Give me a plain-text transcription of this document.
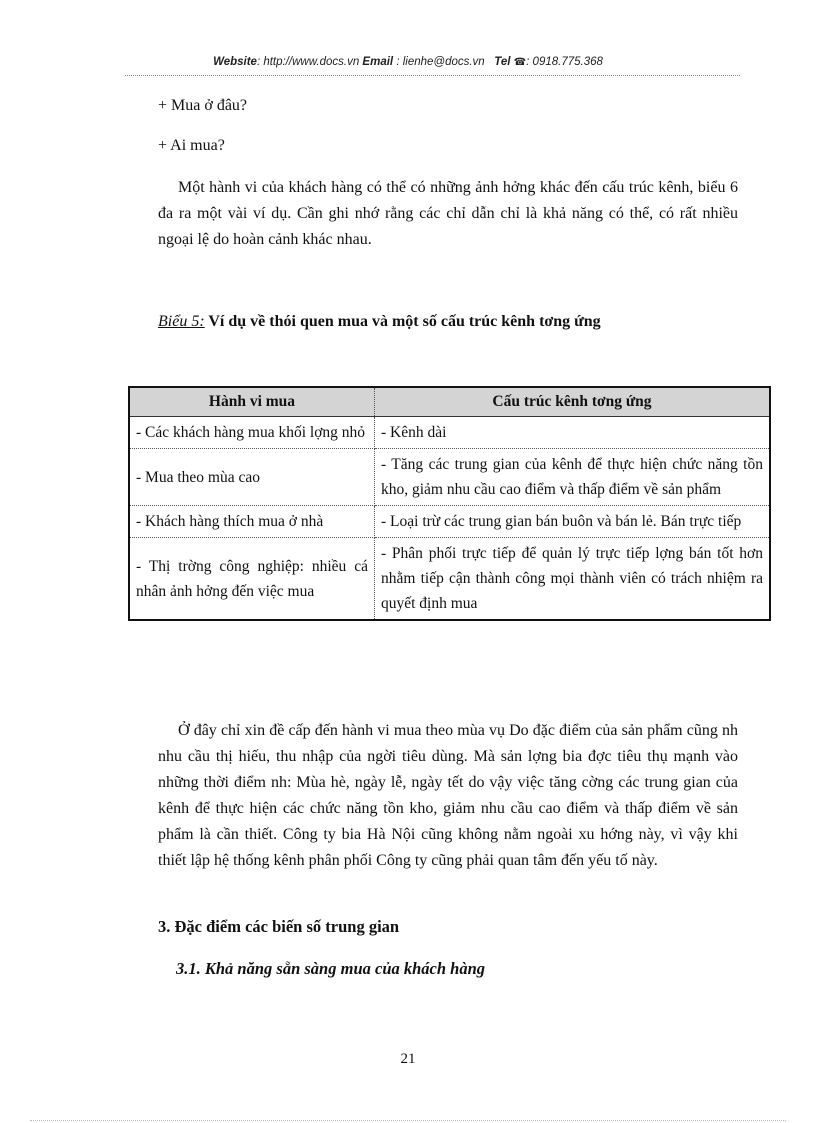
Website: http://www.docs.vn Email : lienhe@docs.vn Tel ☎: 0918.775.368
+ Mua ở đâu?
+ Ai mua?
Một hành vi của khách hàng có thể có những ảnh hởng khác đến cấu trúc kênh, biểu 6 đa ra một vài ví dụ. Cần ghi nhớ rằng các chỉ dẫn chỉ là khả năng có thể, có rất nhiều ngoại lệ do hoàn cảnh khác nhau.
Biểu 5: Ví dụ về thói quen mua và một số cấu trúc kênh tơng ứng
Hành vi mua	Cấu trúc kênh tơng ứng
- Các khách hàng mua khối lợng nhỏ	- Kênh dài
- Mua theo mùa cao	- Tăng các trung gian của kênh để thực hiện chức năng tồn kho, giảm nhu cầu cao điểm và thấp điểm về sản phẩm
- Khách hàng thích mua ở nhà	- Loại trừ các trung gian bán buôn và bán lẻ. Bán trực tiếp
- Thị trờng công nghiệp: nhiều cá nhân ảnh hởng đến việc mua	- Phân phối trực tiếp để quản lý trực tiếp lợng bán tốt hơn nhằm tiếp cận thành công mọi thành viên có trách nhiệm ra quyết định mua
Ở đây chỉ xin đề cấp đến hành vi mua theo mùa vụ Do đặc điểm của sản phẩm cũng nh nhu cầu thị hiếu, thu nhập của ngời tiêu dùng. Mà sản lợng bia đợc tiêu thụ mạnh vào những thời điểm nh: Mùa hè, ngày lễ, ngày tết do vậy việc tăng cờng các trung gian của kênh để thực hiện các chức năng tồn kho, giảm nhu cầu cao điểm và thấp điểm về sản phẩm là cần thiết. Công ty bia Hà Nội cũng không nằm ngoài xu hớng này, vì vậy khi thiết lập hệ thống kênh phân phối Công ty cũng phải quan tâm đến yếu tố này.
3. Đặc điểm các biến số trung gian
3.1. Khả năng sẵn sàng mua của khách hàng
21
